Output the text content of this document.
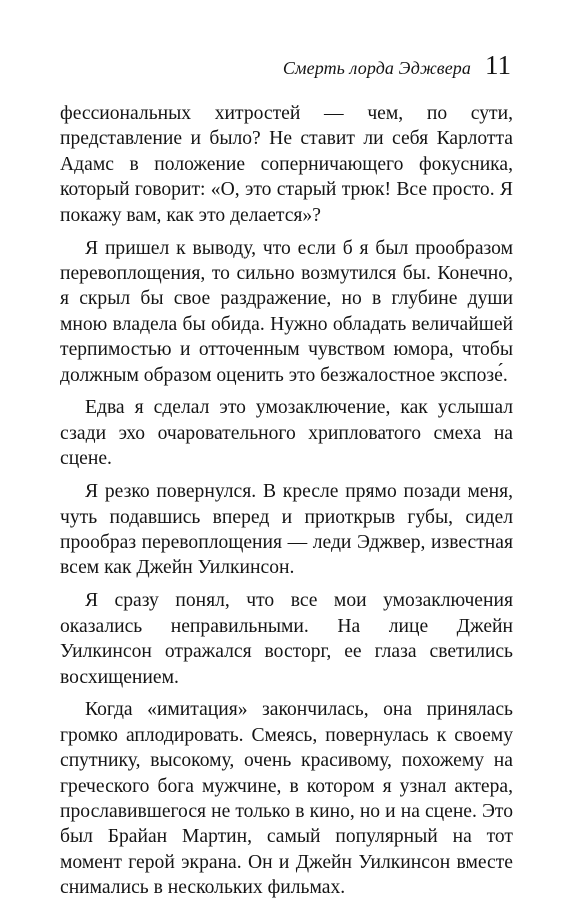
Смерть лорда Эджвера 11

фессиональных хитростей — чем, по сути, представление и было? Не ставит ли себя Карлотта Адамс в положение соперничающего фокусника, который говорит: «О, это старый трюк! Все просто. Я покажу вам, как это делается»?

Я пришел к выводу, что если б я был прообразом перевоплощения, то сильно возмутился бы. Конечно, я скрыл бы свое раздражение, но в глубине души мною владела бы обида. Нужно обладать величайшей терпимостью и отточенным чувством юмора, чтобы должным образом оценить это безжалостное экспозе́.

Едва я сделал это умозаключение, как услышал сзади эхо очаровательного хрипловатого смеха на сцене.

Я резко повернулся. В кресле прямо позади меня, чуть подавшись вперед и приоткрыв губы, сидел прообраз перевоплощения — леди Эджвер, известная всем как Джейн Уилкинсон.

Я сразу понял, что все мои умозаключения оказались неправильными. На лице Джейн Уилкинсон отражался восторг, ее глаза светились восхищением.

Когда «имитация» закончилась, она принялась громко аплодировать. Смеясь, повернулась к своему спутнику, высокому, очень красивому, похожему на греческого бога мужчине, в котором я узнал актера, прославившегося не только в кино, но и на сцене. Это был Брайан Мартин, самый популярный на тот момент герой экрана. Он и Джейн Уилкинсон вместе снимались в нескольких фильмах.
